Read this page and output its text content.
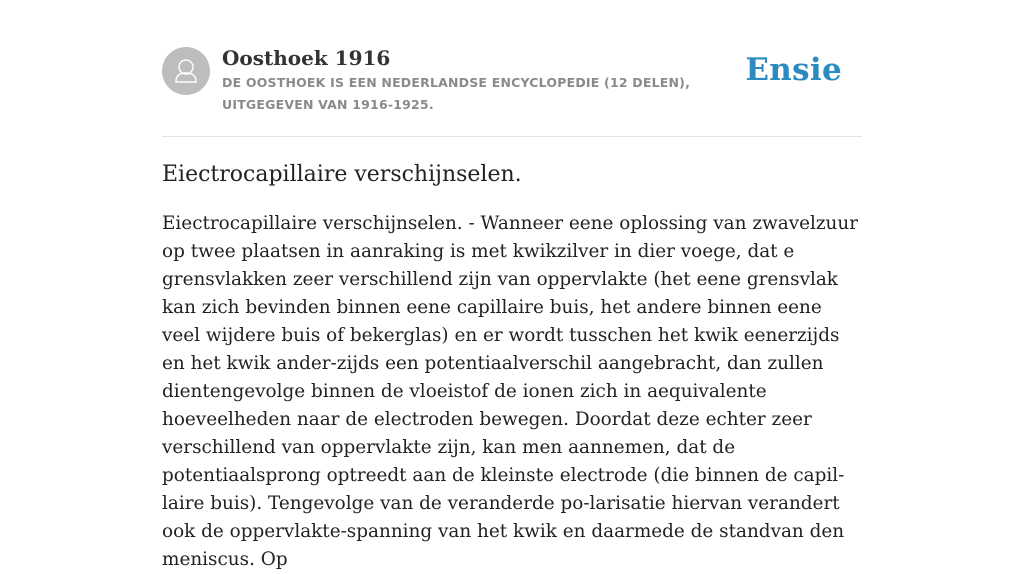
Oosthoek 1916

DE OOSTHOEK IS EEN NEDERLANDSE ENCYCLOPEDIE (12 DELEN), UITGEGEVEN VAN 1916-1925.

Ensie
Eiectrocapillaire verschijnselen.

Eiectrocapillaire verschijnselen. - Wanneer eene oplossing van zwavelzuur op twee plaatsen in aanraking is met kwikzilver in dier voege, dat e grensvlakken zeer verschillend zijn van oppervlakte (het eene grensvlak kan zich bevinden binnen eene capillaire buis, het andere binnen eene veel wijdere buis of bekerglas) en er wordt tusschen het kwik eenerzijds en het kwik ander-zijds een potentiaalverschil aangebracht, dan zullen dientengevolge binnen de vloeistof de ionen zich in aequivalente hoeveelheden naar de electroden bewegen. Doordat deze echter zeer verschillend van oppervlakte zijn, kan men aannemen, dat de potentiaalsprong optreedt aan de kleinste electrode (die binnen de capil-laire buis). Tengevolge van de veranderde po-larisatie hiervan verandert ook de oppervlakte-spanning van het kwik en daarmede de standvan den meniscus. Op
